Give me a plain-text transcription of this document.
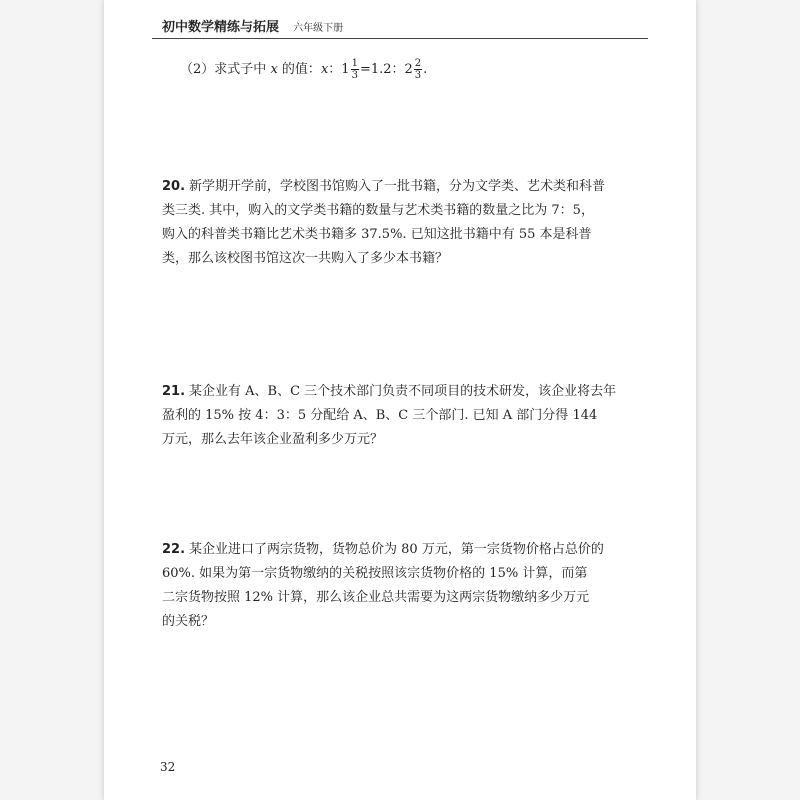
初中数学精练与拓展 六年级下册
（2）求式子中 x 的值：x：$1 \frac{1}{3} =1.2$：$2 \frac{2}{3}$ .
20. 新学期开学前，学校图书馆购入了一批书籍，分为文学类、艺术类和科普
类三类. 其中，购入的文学类书籍的数量与艺术类书籍的数量之比为 7：5，
购入的科普类书籍比艺术类书籍多 37.5%. 已知这批书籍中有 55 本是科普
类，那么该校图书馆这次一共购入了多少本书籍？
21. 某企业有 A、B、C 三个技术部门负责不同项目的技术研发，该企业将去年
盈利的 15% 按 4：3：5 分配给 A、B、C 三个部门. 已知 A 部门分得 144
万元，那么去年该企业盈利多少万元？
22. 某企业进口了两宗货物，货物总价为 80 万元，第一宗货物价格占总价的
60%. 如果为第一宗货物缴纳的关税按照该宗货物价格的 15% 计算，而第
二宗货物按照 12% 计算，那么该企业总共需要为这两宗货物缴纳多少万元
的关税？
32
